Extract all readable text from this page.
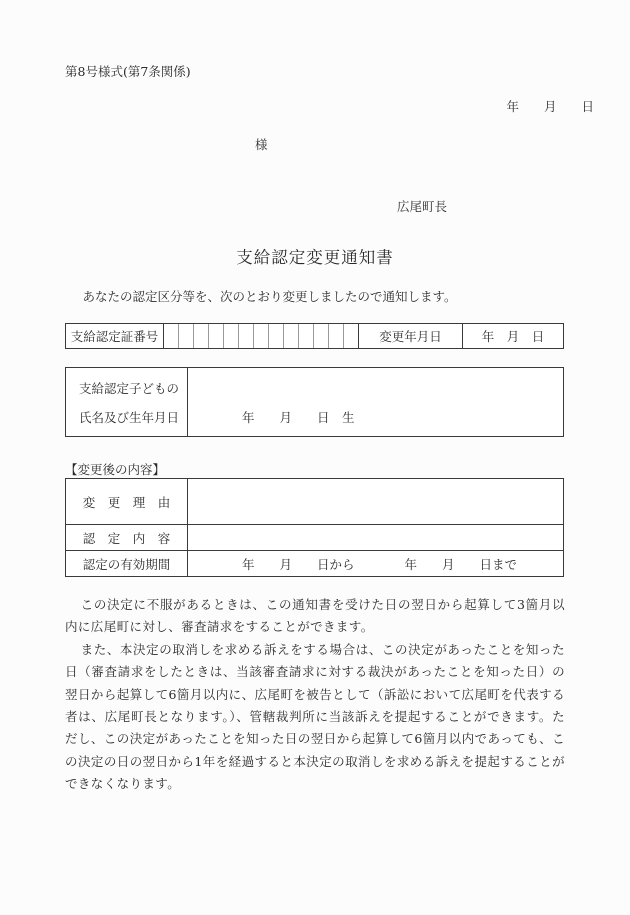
第8号様式(第7条関係)
年　　月　　日
様
広尾町長
支給認定変更通知書
あなたの認定区分等を、次のとおり変更しましたので通知します。
支給認定証番号	変更年月日	年　月　日
支給認定子どもの
氏名及び生年月日	年　　月　　日　生
【変更後の内容】
変　更　理　由
認　定　内　容
認定の有効期間	年　　月　　日から　　　　年　　月　　日まで

この決定に不服があるときは、この通知書を受けた日の翌日から起算して3箇月以内に広尾町に対し、審査請求をすることができます。

また、本決定の取消しを求める訴えをする場合は、この決定があったことを知った日（審査請求をしたときは、当該審査請求に対する裁決があったことを知った日）の翌日から起算して6箇月以内に、広尾町を被告として（訴訟において広尾町を代表する者は、広尾町長となります。）、管轄裁判所に当該訴えを提起することができます。ただし、この決定があったことを知った日の翌日から起算して6箇月以内であっても、この決定の日の翌日から1年を経過すると本決定の取消しを求める訴えを提起することができなくなります。
